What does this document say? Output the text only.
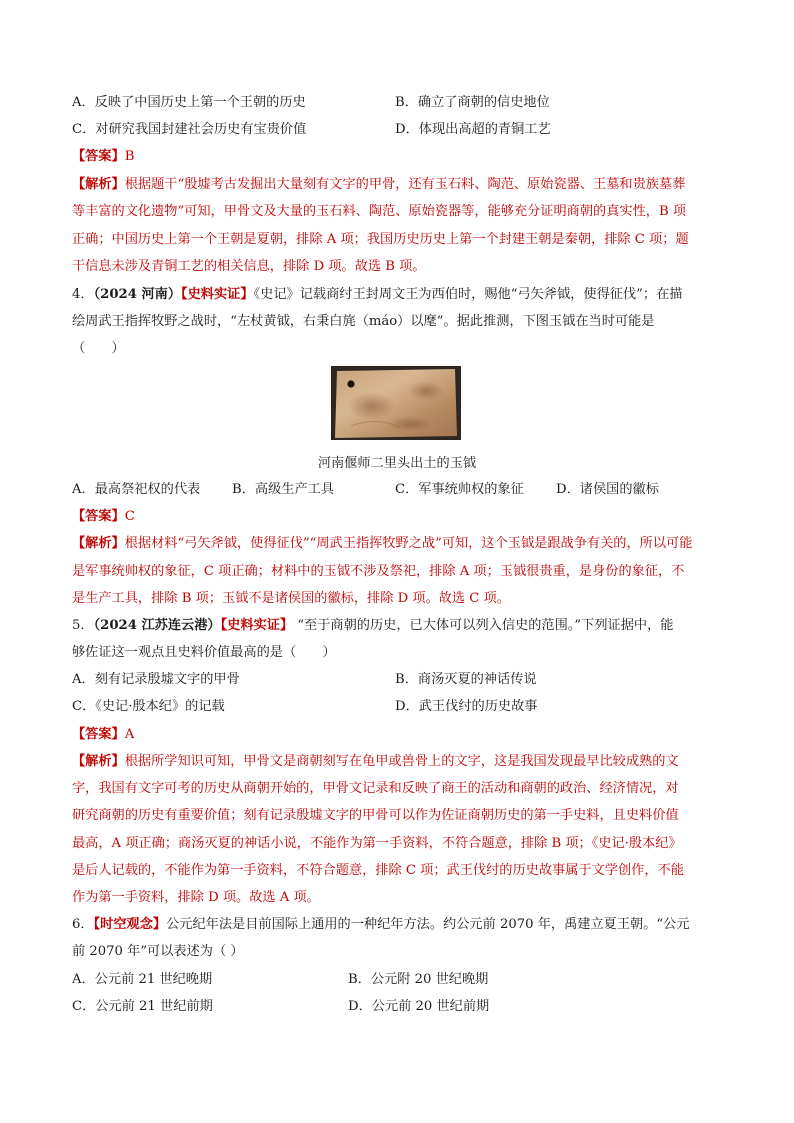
A．反映了中国历史上第一个王朝的历史	B．确立了商朝的信史地位
C．对研究我国封建社会历史有宝贵价值	D．体现出高超的青铜工艺
【答案】B
【解析】根据题干“殷墟考古发掘出大量刻有文字的甲骨，还有玉石料、陶范、原始瓷器、王墓和贵族墓葬
等丰富的文化遗物”可知，甲骨文及大量的玉石料、陶范、原始瓷器等，能够充分证明商朝的真实性，B 项
正确；中国历史上第一个王朝是夏朝，排除 A 项；我国历史历史上第一个封建王朝是秦朝，排除 C 项；题
干信息未涉及青铜工艺的相关信息，排除 D 项。故选 B 项。
4．（2024 河南）【史料实证】《史记》记载商纣王封周文王为西伯时，赐他“弓矢斧钺，使得征伐”；在描
绘周武王指挥牧野之战时，“左杖黄钺，右秉白旄（máo）以麾”。据此推测，下图玉钺在当时可能是
（　　）
河南偃师二里头出土的玉钺
A．最高祭祀权的代表 B．高级生产工具	C．军事统帅权的象征 D．诸侯国的徽标
【答案】C
【解析】根据材料“弓矢斧钺，使得征伐”“周武王指挥牧野之战”可知，这个玉钺是跟战争有关的，所以可能
是军事统帅权的象征，C 项正确；材料中的玉钺不涉及祭祀，排除 A 项；玉钺很贵重，是身份的象征，不
是生产工具，排除 B 项；玉钺不是诸侯国的徽标，排除 D 项。故选 C 项。
5．（2024 江苏连云港）【史料实证】 “至于商朝的历史，已大体可以列入信史的范围。”下列证据中，能
够佐证这一观点且史料价值最高的是（　　）
A．刻有记录殷墟文字的甲骨	B．商汤灭夏的神话传说
C．《史记·殷本纪》的记载	D．武王伐纣的历史故事
【答案】A
【解析】根据所学知识可知，甲骨文是商朝刻写在龟甲或兽骨上的文字，这是我国发现最早比较成熟的文
字，我国有文字可考的历史从商朝开始的，甲骨文记录和反映了商王的活动和商朝的政治、经济情况，对
研究商朝的历史有重要价值；刻有记录殷墟文字的甲骨可以作为佐证商朝历史的第一手史料，且史料价值
最高，A 项正确；商汤灭夏的神话小说，不能作为第一手资料，不符合题意，排除 B 项；《史记·殷本纪》
是后人记载的，不能作为第一手资料，不符合题意，排除 C 项；武王伐纣的历史故事属于文学创作，不能
作为第一手资料，排除 D 项。故选 A 项。
6．【时空观念】公元纪年法是目前国际上通用的一种纪年方法。约公元前 2070 年，禹建立夏王朝。“公元
前 2070 年”可以表述为（ ）
A．公元前 21 世纪晚期	B．公元附 20 世纪晚期
C．公元前 21 世纪前期	D．公元前 20 世纪前期
